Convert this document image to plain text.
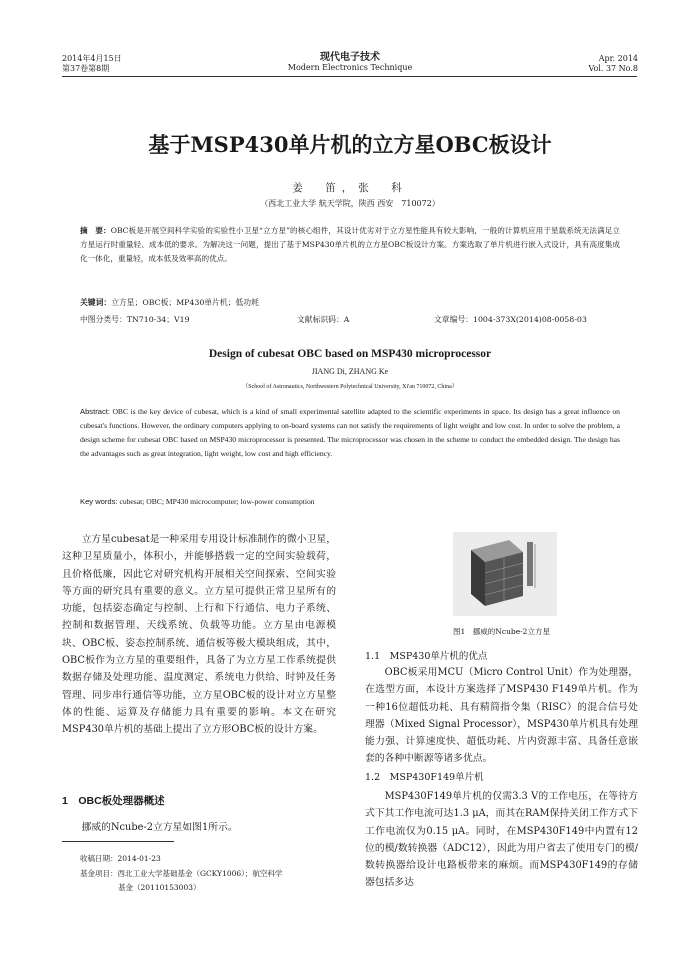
2014年4月15日
第37卷第8期
现代电子技术
Modern Electronics Technique
Apr. 2014
Vol. 37 No.8
基于MSP430单片机的立方星OBC板设计
姜　笛，张　科
（西北工业大学 航天学院，陕西 西安　710072）
摘　要：OBC板是开展空间科学实验的实验性小卫星“立方星”的核心组件，其设计优劣对于立方星性能具有较大影响，一般的计算机应用于星载系统无法满足立方星运行时重量轻、成本低的要求。为解决这一问题，提出了基于MSP430单片机的立方星OBC板设计方案。方案选取了单片机进行嵌入式设计，具有高度集成化一体化，重量轻，成本低及效率高的优点。
关键词：立方星；OBC板；MP430单片机；低功耗
中图分类号：TN710-34；V19	文献标识码：A	文章编号：1004-373X(2014)08-0058-03
Design of cubesat OBC based on MSP430 microprocessor
JIANG Di, ZHANG Ke
（School of Astronautics, Northwestern Polytechnical University, Xi'an 710072, China）
Abstract: OBC is the key device of cubesat, which is a kind of small experimental satellite adapted to the scientific experiments in space. Its design has a great influence on cubesat's functions. However, the ordinary computers applying to on-board systems can not satisfy the requirements of light weight and low cost. In order to solve the problem, a design scheme for cubesat OBC based on MSP430 microprocessor is presented. The microprocessor was chosen in the scheme to conduct the embedded design. The design has the advantages such as great integration, light weight, low cost and high efficiency.
Key words: cubesat; OBC; MP430 microcomputer; low-power consumption
立方星cubesat是一种采用专用设计标准制作的微小卫星，这种卫星质量小，体积小，并能够搭载一定的空间实验载荷，且价格低廉，因此它对研究机构开展相关空间探索、空间实验等方面的研究具有重要的意义。立方星可提供正常卫星所有的功能，包括姿态确定与控制、上行和下行通信、电力子系统、控制和数据管理、天线系统、负载等功能。立方星由电源模块、OBC板、姿态控制系统、通信板等极大模块组成，其中，OBC板作为立方星的重要组件，具备了为立方星工作系统提供数据存储及处理功能、温度测定、系统电力供给、时钟及任务管理、同步串行通信等功能，立方星OBC板的设计对立方星整体的性能、运算及存储能力具有重要的影响。本文在研究MSP430单片机的基础上提出了立方形OBC板的设计方案。
1　OBC板处理器概述
挪威的Ncube-2立方星如图1所示。
收稿日期：2014-01-23
基金项目：西北工业大学基础基金（GCKY1006）；航空科学
基金（20110153003）
图1　挪威的Ncube-2立方星
1.1　MSP430单片机的优点
OBC板采用MCU（Micro Control Unit）作为处理器，在选型方面，本设计方案选择了MSP430 F149单片机。作为一种16位超低功耗、具有精简指令集（RISC）的混合信号处理器（Mixed Signal Processor），MSP430单片机具有处理能力强、计算速度快、超低功耗、片内资源丰富、具备任意嵌套的各种中断源等诸多优点。
1.2　MSP430F149单片机
MSP430F149单片机的仅需3.3 V的工作电压，在等待方式下其工作电流可达1.3 μA，而其在RAM保持关闭工作方式下工作电流仅为0.15 μA。同时，在MSP430F149中内置有12位的模/数转换器（ADC12），因此为用户省去了使用专门的模/数转换器给设计电路板带来的麻烦。而MSP430F149的存储器包括多达
